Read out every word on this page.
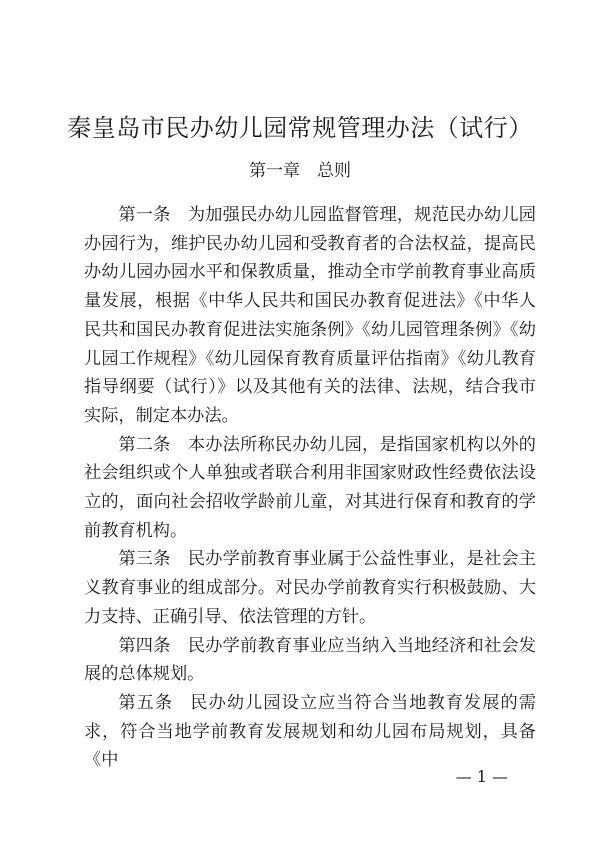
秦皇岛市民办幼儿园常规管理办法（试行）
第一章　总则

第一条 为加强民办幼儿园监督管理，规范民办幼儿园办园行为，维护民办幼儿园和受教育者的合法权益，提高民办幼儿园办园水平和保教质量，推动全市学前教育事业高质量发展，根据《中华人民共和国民办教育促进法》《中华人民共和国民办教育促进法实施条例》《幼儿园管理条例》《幼儿园工作规程》《幼儿园保育教育质量评估指南》《幼儿教育指导纲要（试行）》以及其他有关的法律、法规，结合我市实际，制定本办法。

第二条 本办法所称民办幼儿园，是指国家机构以外的社会组织或个人单独或者联合利用非国家财政性经费依法设立的，面向社会招收学龄前儿童，对其进行保育和教育的学前教育机构。

第三条 民办学前教育事业属于公益性事业，是社会主义教育事业的组成部分。对民办学前教育实行积极鼓励、大力支持、正确引导、依法管理的方针。

第四条 民办学前教育事业应当纳入当地经济和社会发展的总体规划。

第五条 民办幼儿园设立应当符合当地教育发展的需求，符合当地学前教育发展规划和幼儿园布局规划，具备《中

— 1 —
